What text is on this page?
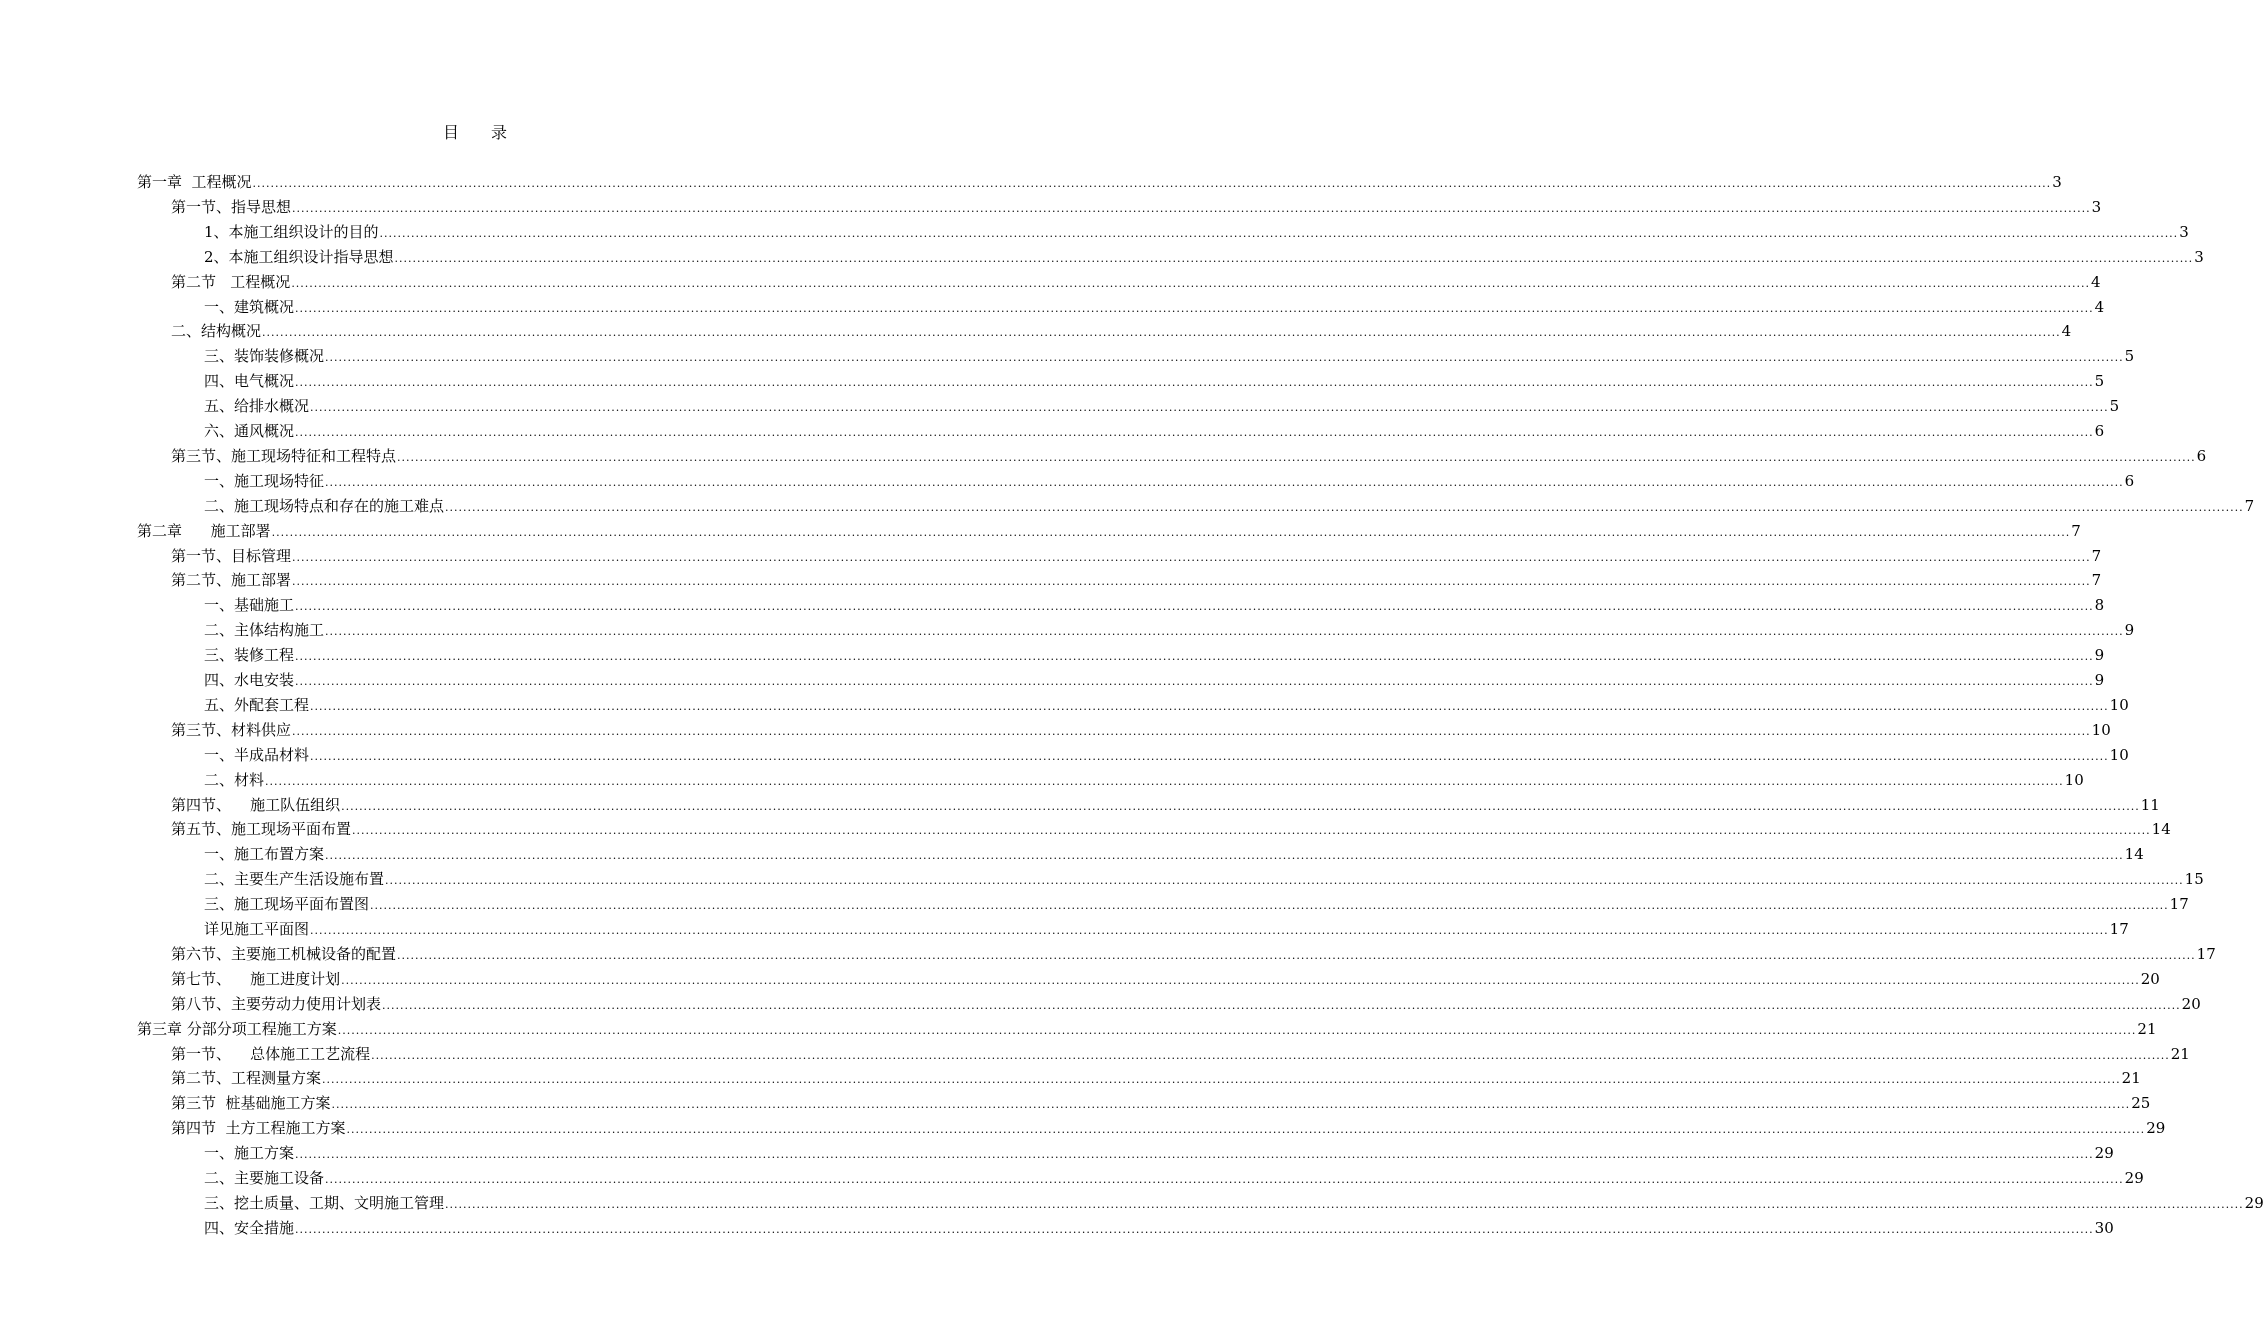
目　　录
第一章  工程概况 ................................................................................................................................................................................................................................................................................................................................................................................................................ 3
第一节、指导思想 ................................................................................................................................................................................................................................................................................................................................................................................................................ 3
1、本施工组织设计的目的 ................................................................................................................................................................................................................................................................................................................................................................................................................ 3
2、本施工组织设计指导思想 ................................................................................................................................................................................................................................................................................................................................................................................................................ 3
第二节   工程概况 ................................................................................................................................................................................................................................................................................................................................................................................................................ 4
一、建筑概况 ................................................................................................................................................................................................................................................................................................................................................................................................................ 4
二、结构概况 ................................................................................................................................................................................................................................................................................................................................................................................................................ 4
三、装饰装修概况 ................................................................................................................................................................................................................................................................................................................................................................................................................ 5
四、电气概况 ................................................................................................................................................................................................................................................................................................................................................................................................................ 5
五、给排水概况 ................................................................................................................................................................................................................................................................................................................................................................................................................ 5
六、通风概况 ................................................................................................................................................................................................................................................................................................................................................................................................................ 6
第三节、施工现场特征和工程特点 ................................................................................................................................................................................................................................................................................................................................................................................................................ 6
一、施工现场特征 ................................................................................................................................................................................................................................................................................................................................................................................................................ 6
二、施工现场特点和存在的施工难点 ................................................................................................................................................................................................................................................................................................................................................................................................................ 7
第二章      施工部署 ................................................................................................................................................................................................................................................................................................................................................................................................................ 7
第一节、目标管理 ................................................................................................................................................................................................................................................................................................................................................................................................................ 7
第二节、施工部署 ................................................................................................................................................................................................................................................................................................................................................................................................................ 7
一、基础施工 ................................................................................................................................................................................................................................................................................................................................................................................................................ 8
二、主体结构施工 ................................................................................................................................................................................................................................................................................................................................................................................................................ 9
三、装修工程 ................................................................................................................................................................................................................................................................................................................................................................................................................ 9
四、水电安装 ................................................................................................................................................................................................................................................................................................................................................................................................................ 9
五、外配套工程 ................................................................................................................................................................................................................................................................................................................................................................................................................ 10
第三节、材料供应 ................................................................................................................................................................................................................................................................................................................................................................................................................ 10
一、半成品材料 ................................................................................................................................................................................................................................................................................................................................................................................................................ 10
二、材料 ................................................................................................................................................................................................................................................................................................................................................................................................................ 10
第四节、    施工队伍组织 ................................................................................................................................................................................................................................................................................................................................................................................................................ 11
第五节、施工现场平面布置 ................................................................................................................................................................................................................................................................................................................................................................................................................ 14
一、施工布置方案 ................................................................................................................................................................................................................................................................................................................................................................................................................ 14
二、主要生产生活设施布置 ................................................................................................................................................................................................................................................................................................................................................................................................................ 15
三、施工现场平面布置图 ................................................................................................................................................................................................................................................................................................................................................................................................................ 17
详见施工平面图 ................................................................................................................................................................................................................................................................................................................................................................................................................ 17
第六节、主要施工机械设备的配置 ................................................................................................................................................................................................................................................................................................................................................................................................................ 17
第七节、    施工进度计划 ................................................................................................................................................................................................................................................................................................................................................................................................................ 20
第八节、主要劳动力使用计划表 ................................................................................................................................................................................................................................................................................................................................................................................................................ 20
第三章 分部分项工程施工方案 ................................................................................................................................................................................................................................................................................................................................................................................................................ 21
第一节、    总体施工工艺流程 ................................................................................................................................................................................................................................................................................................................................................................................................................ 21
第二节、工程测量方案 ................................................................................................................................................................................................................................................................................................................................................................................................................ 21
第三节  桩基础施工方案 ................................................................................................................................................................................................................................................................................................................................................................................................................ 25
第四节  土方工程施工方案 ................................................................................................................................................................................................................................................................................................................................................................................................................ 29
一、施工方案 ................................................................................................................................................................................................................................................................................................................................................................................................................ 29
二、主要施工设备 ................................................................................................................................................................................................................................................................................................................................................................................................................ 29
三、挖土质量、工期、文明施工管理 ................................................................................................................................................................................................................................................................................................................................................................................................................ 29
四、安全措施 ................................................................................................................................................................................................................................................................................................................................................................................................................ 30
